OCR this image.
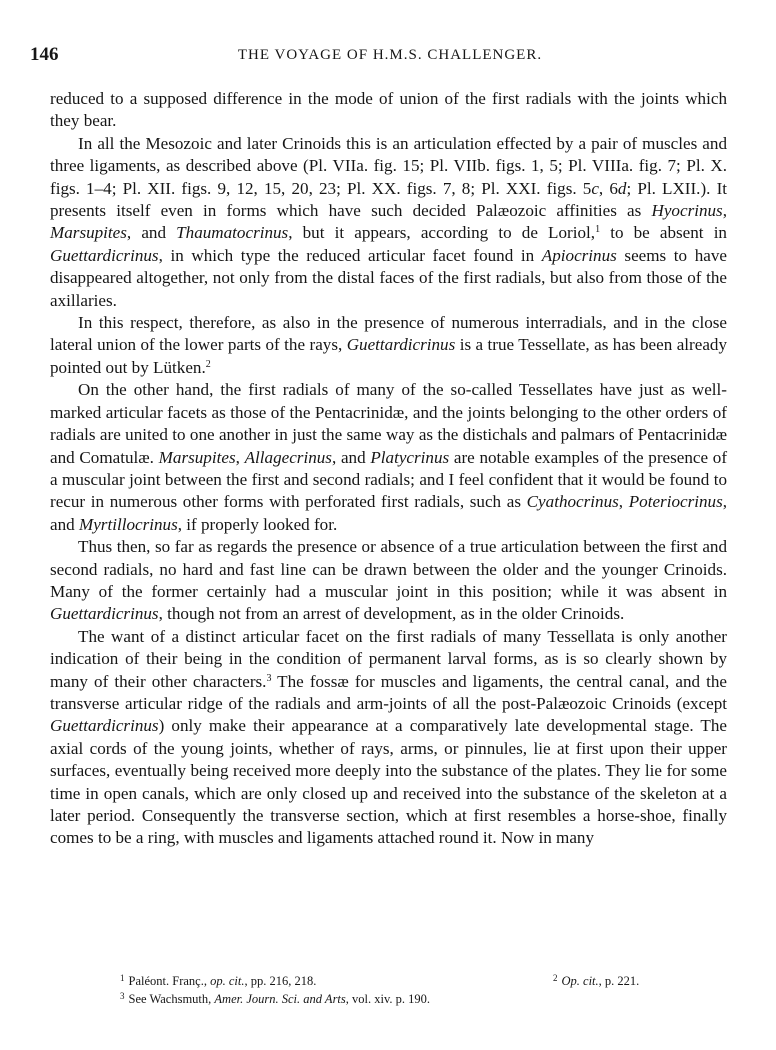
146	THE VOYAGE OF H.M.S. CHALLENGER.

reduced to a supposed difference in the mode of union of the first radials with the joints which they bear.

In all the Mesozoic and later Crinoids this is an articulation effected by a pair of muscles and three ligaments, as described above (Pl. VIIa. fig. 15; Pl. VIIb. figs. 1, 5; Pl. VIIIa. fig. 7; Pl. X. figs. 1–4; Pl. XII. figs. 9, 12, 15, 20, 23; Pl. XX. figs. 7, 8; Pl. XXI. figs. 5c, 6d; Pl. LXII.). It presents itself even in forms which have such decided Palæozoic affinities as Hyocrinus, Marsupites, and Thaumatocrinus, but it appears, according to de Loriol,$^1$ to be absent in Guettardicrinus, in which type the reduced articular facet found in Apiocrinus seems to have disappeared altogether, not only from the distal faces of the first radials, but also from those of the axillaries.

In this respect, therefore, as also in the presence of numerous interradials, and in the close lateral union of the lower parts of the rays, Guettardicrinus is a true Tessellate, as has been already pointed out by Lütken.$^2$

On the other hand, the first radials of many of the so-called Tessellates have just as well-marked articular facets as those of the Pentacrinidæ, and the joints belonging to the other orders of radials are united to one another in just the same way as the distichals and palmars of Pentacrinidæ and Comatulæ. Marsupites, Allagecrinus, and Platycrinus are notable examples of the presence of a muscular joint between the first and second radials; and I feel confident that it would be found to recur in numerous other forms with perforated first radials, such as Cyathocrinus, Poteriocrinus, and Myrtillocrinus, if properly looked for.

Thus then, so far as regards the presence or absence of a true articulation between the first and second radials, no hard and fast line can be drawn between the older and the younger Crinoids. Many of the former certainly had a muscular joint in this position; while it was absent in Guettardicrinus, though not from an arrest of development, as in the older Crinoids.

The want of a distinct articular facet on the first radials of many Tessellata is only another indication of their being in the condition of permanent larval forms, as is so clearly shown by many of their other characters.$^3$ The fossæ for muscles and ligaments, the central canal, and the transverse articular ridge of the radials and arm-joints of all the post-Palæozoic Crinoids (except Guettardicrinus) only make their appearance at a comparatively late developmental stage. The axial cords of the young joints, whether of rays, arms, or pinnules, lie at first upon their upper surfaces, eventually being received more deeply into the substance of the plates. They lie for some time in open canals, which are only closed up and received into the substance of the skeleton at a later period. Consequently the transverse section, which at first resembles a horse-shoe, finally comes to be a ring, with muscles and ligaments attached round it. Now in many

$^1$ Paléont. Franç., op. cit., pp. 216, 218.	$^2$ Op. cit., p. 221.
$^3$ See Wachsmuth, Amer. Journ. Sci. and Arts, vol. xiv. p. 190.
